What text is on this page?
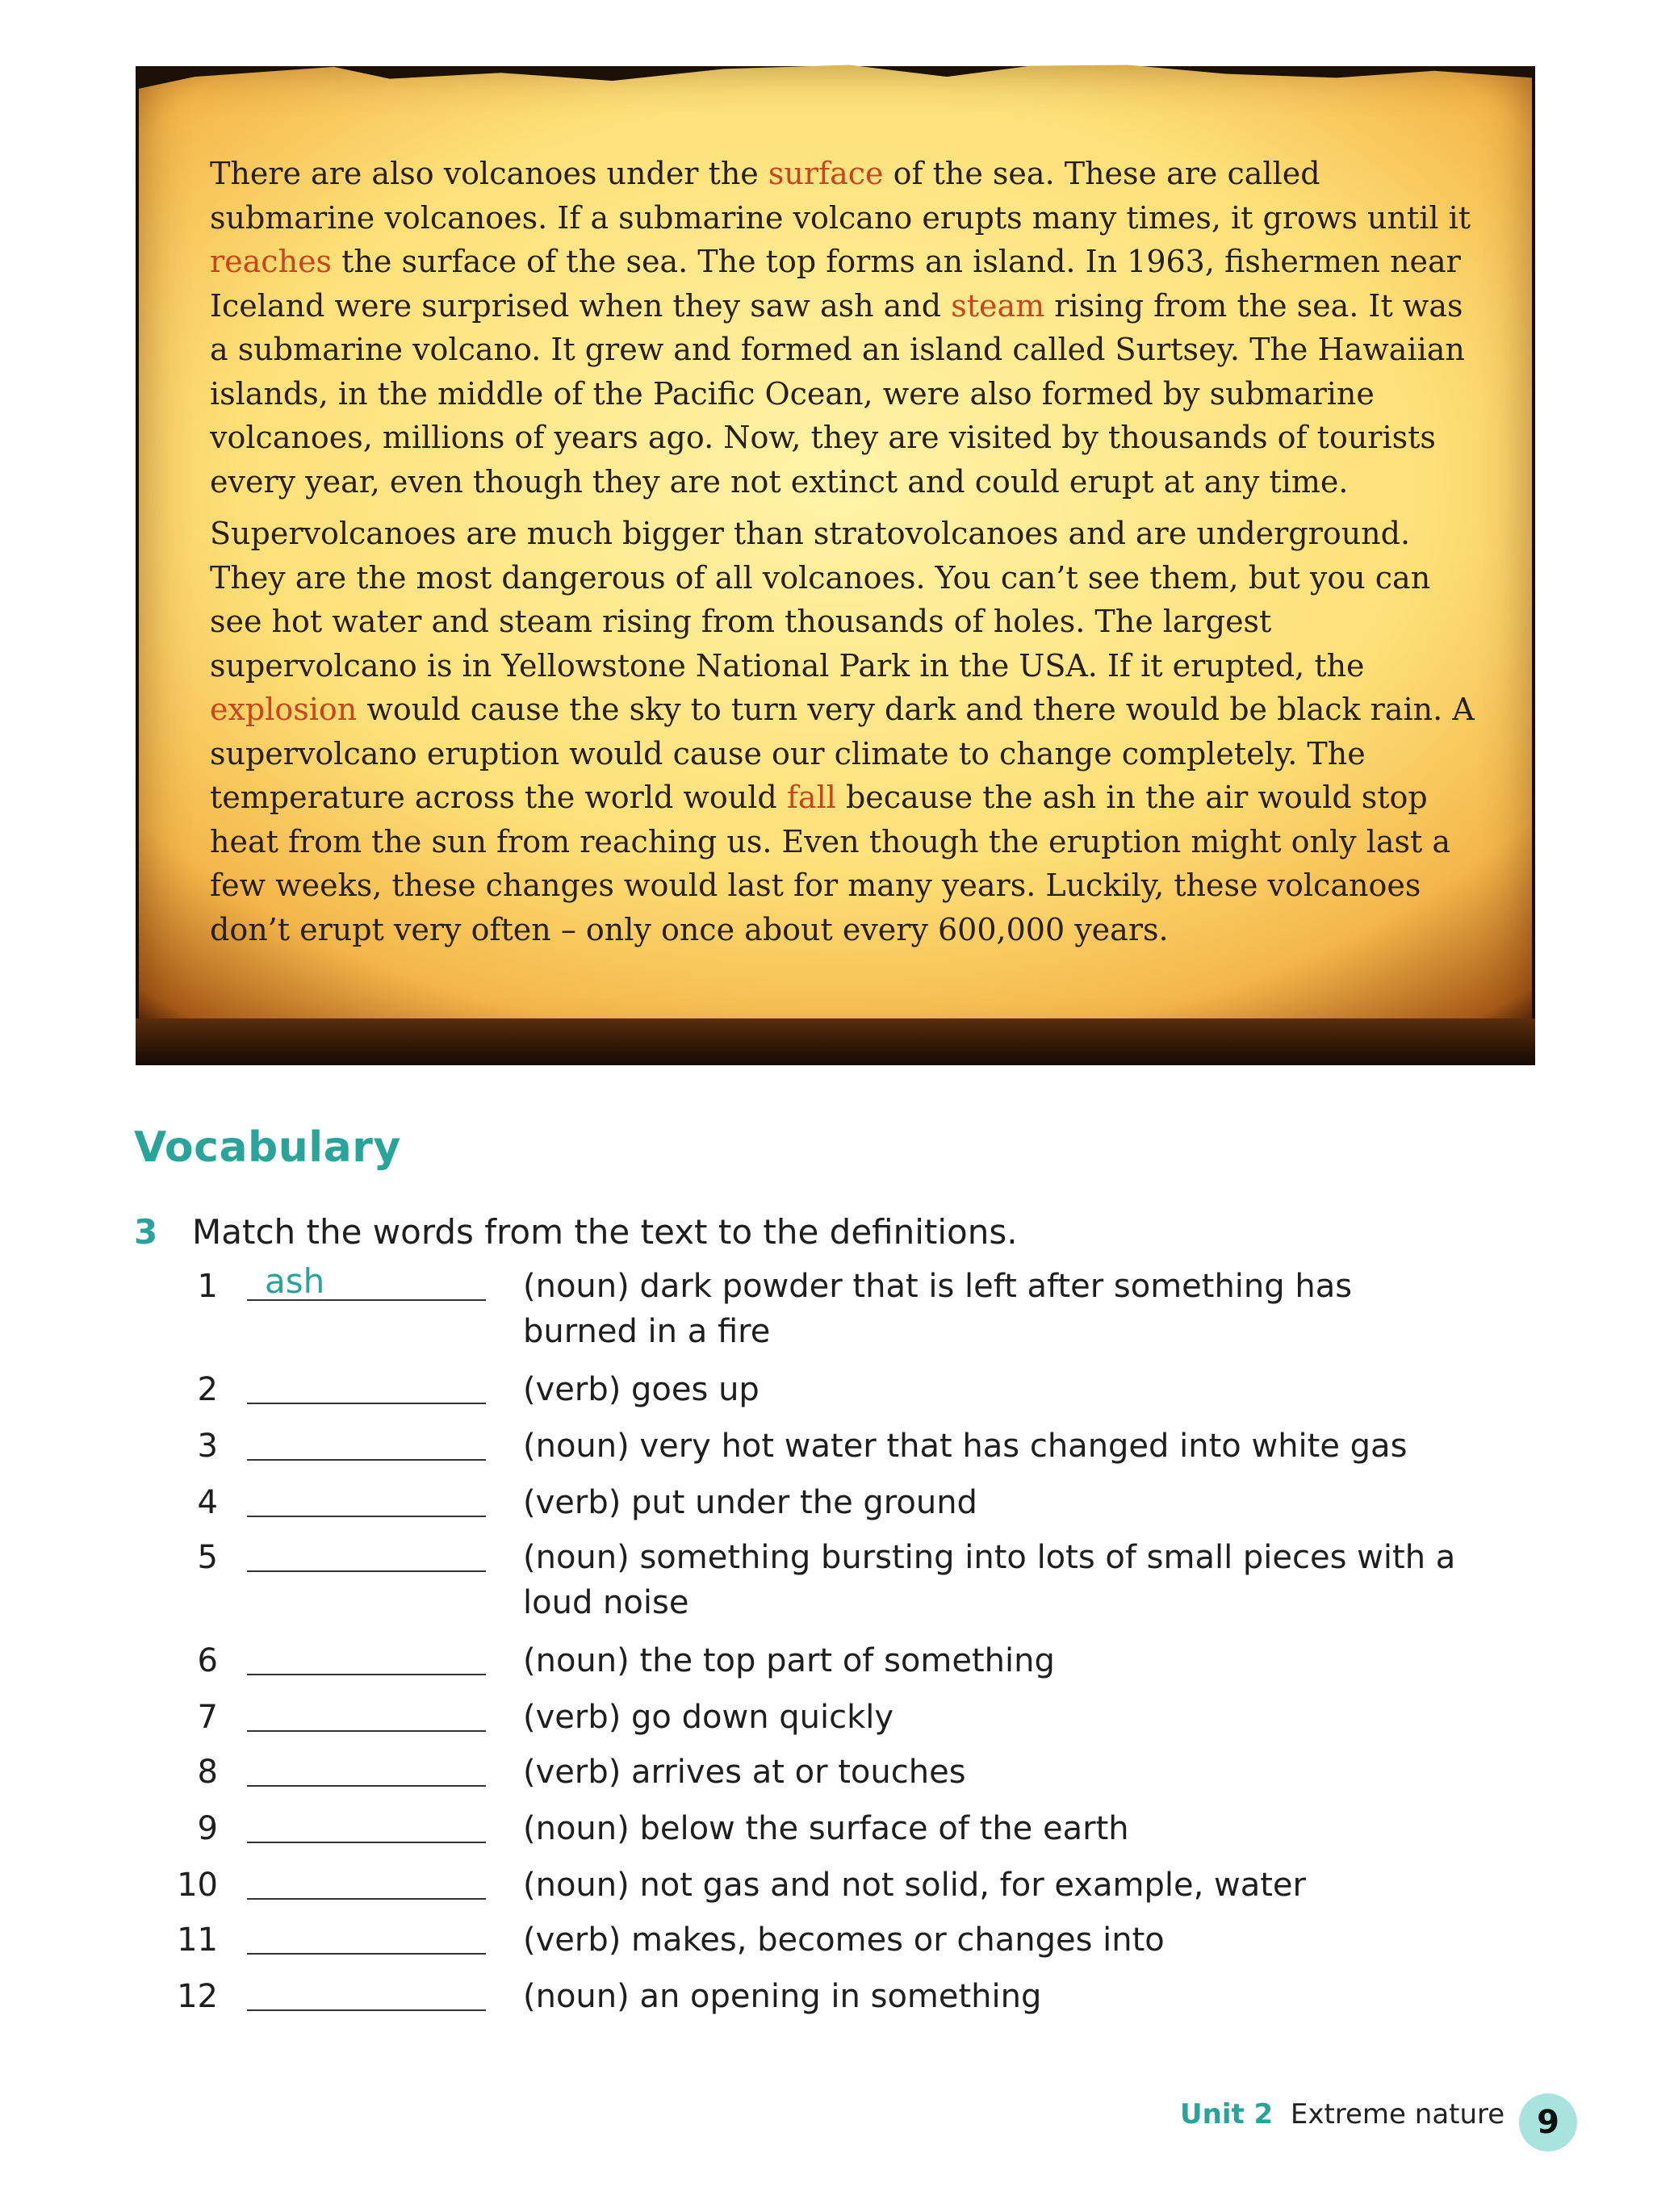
There are also volcanoes under the surface of the sea. These are called submarine volcanoes. If a submarine volcano erupts many times, it grows until it reaches the surface of the sea. The top forms an island. In 1963, fishermen near Iceland were surprised when they saw ash and steam rising from the sea. It was a submarine volcano. It grew and formed an island called Surtsey. The Hawaiian islands, in the middle of the Pacific Ocean, were also formed by submarine volcanoes, millions of years ago. Now, they are visited by thousands of tourists every year, even though they are not extinct and could erupt at any time.

Supervolcanoes are much bigger than stratovolcanoes and are underground. They are the most dangerous of all volcanoes. You can’t see them, but you can see hot water and steam rising from thousands of holes. The largest supervolcano is in Yellowstone National Park in the USA. If it erupted, the explosion would cause the sky to turn very dark and there would be black rain. A supervolcano eruption would cause our climate to change completely. The temperature across the world would fall because the ash in the air would stop heat from the sun from reaching us. Even though the eruption might only last a few weeks, these changes would last for many years. Luckily, these volcanoes don’t erupt very often – only once about every 600,000 years.

Vocabulary
3 Match the words from the text to the definitions.
1 ash	(noun) dark powder that is left after something has burned in a fire
2	(verb) goes up
3	(noun) very hot water that has changed into white gas
4	(verb) put under the ground
5	(noun) something bursting into lots of small pieces with a loud noise
6	(noun) the top part of something
7	(verb) go down quickly
8	(verb) arrives at or touches
9	(noun) below the surface of the earth
10	(noun) not gas and not solid, for example, water
11	(verb) makes, becomes or changes into
12	(noun) an opening in something
Unit 2 Extreme nature 9
